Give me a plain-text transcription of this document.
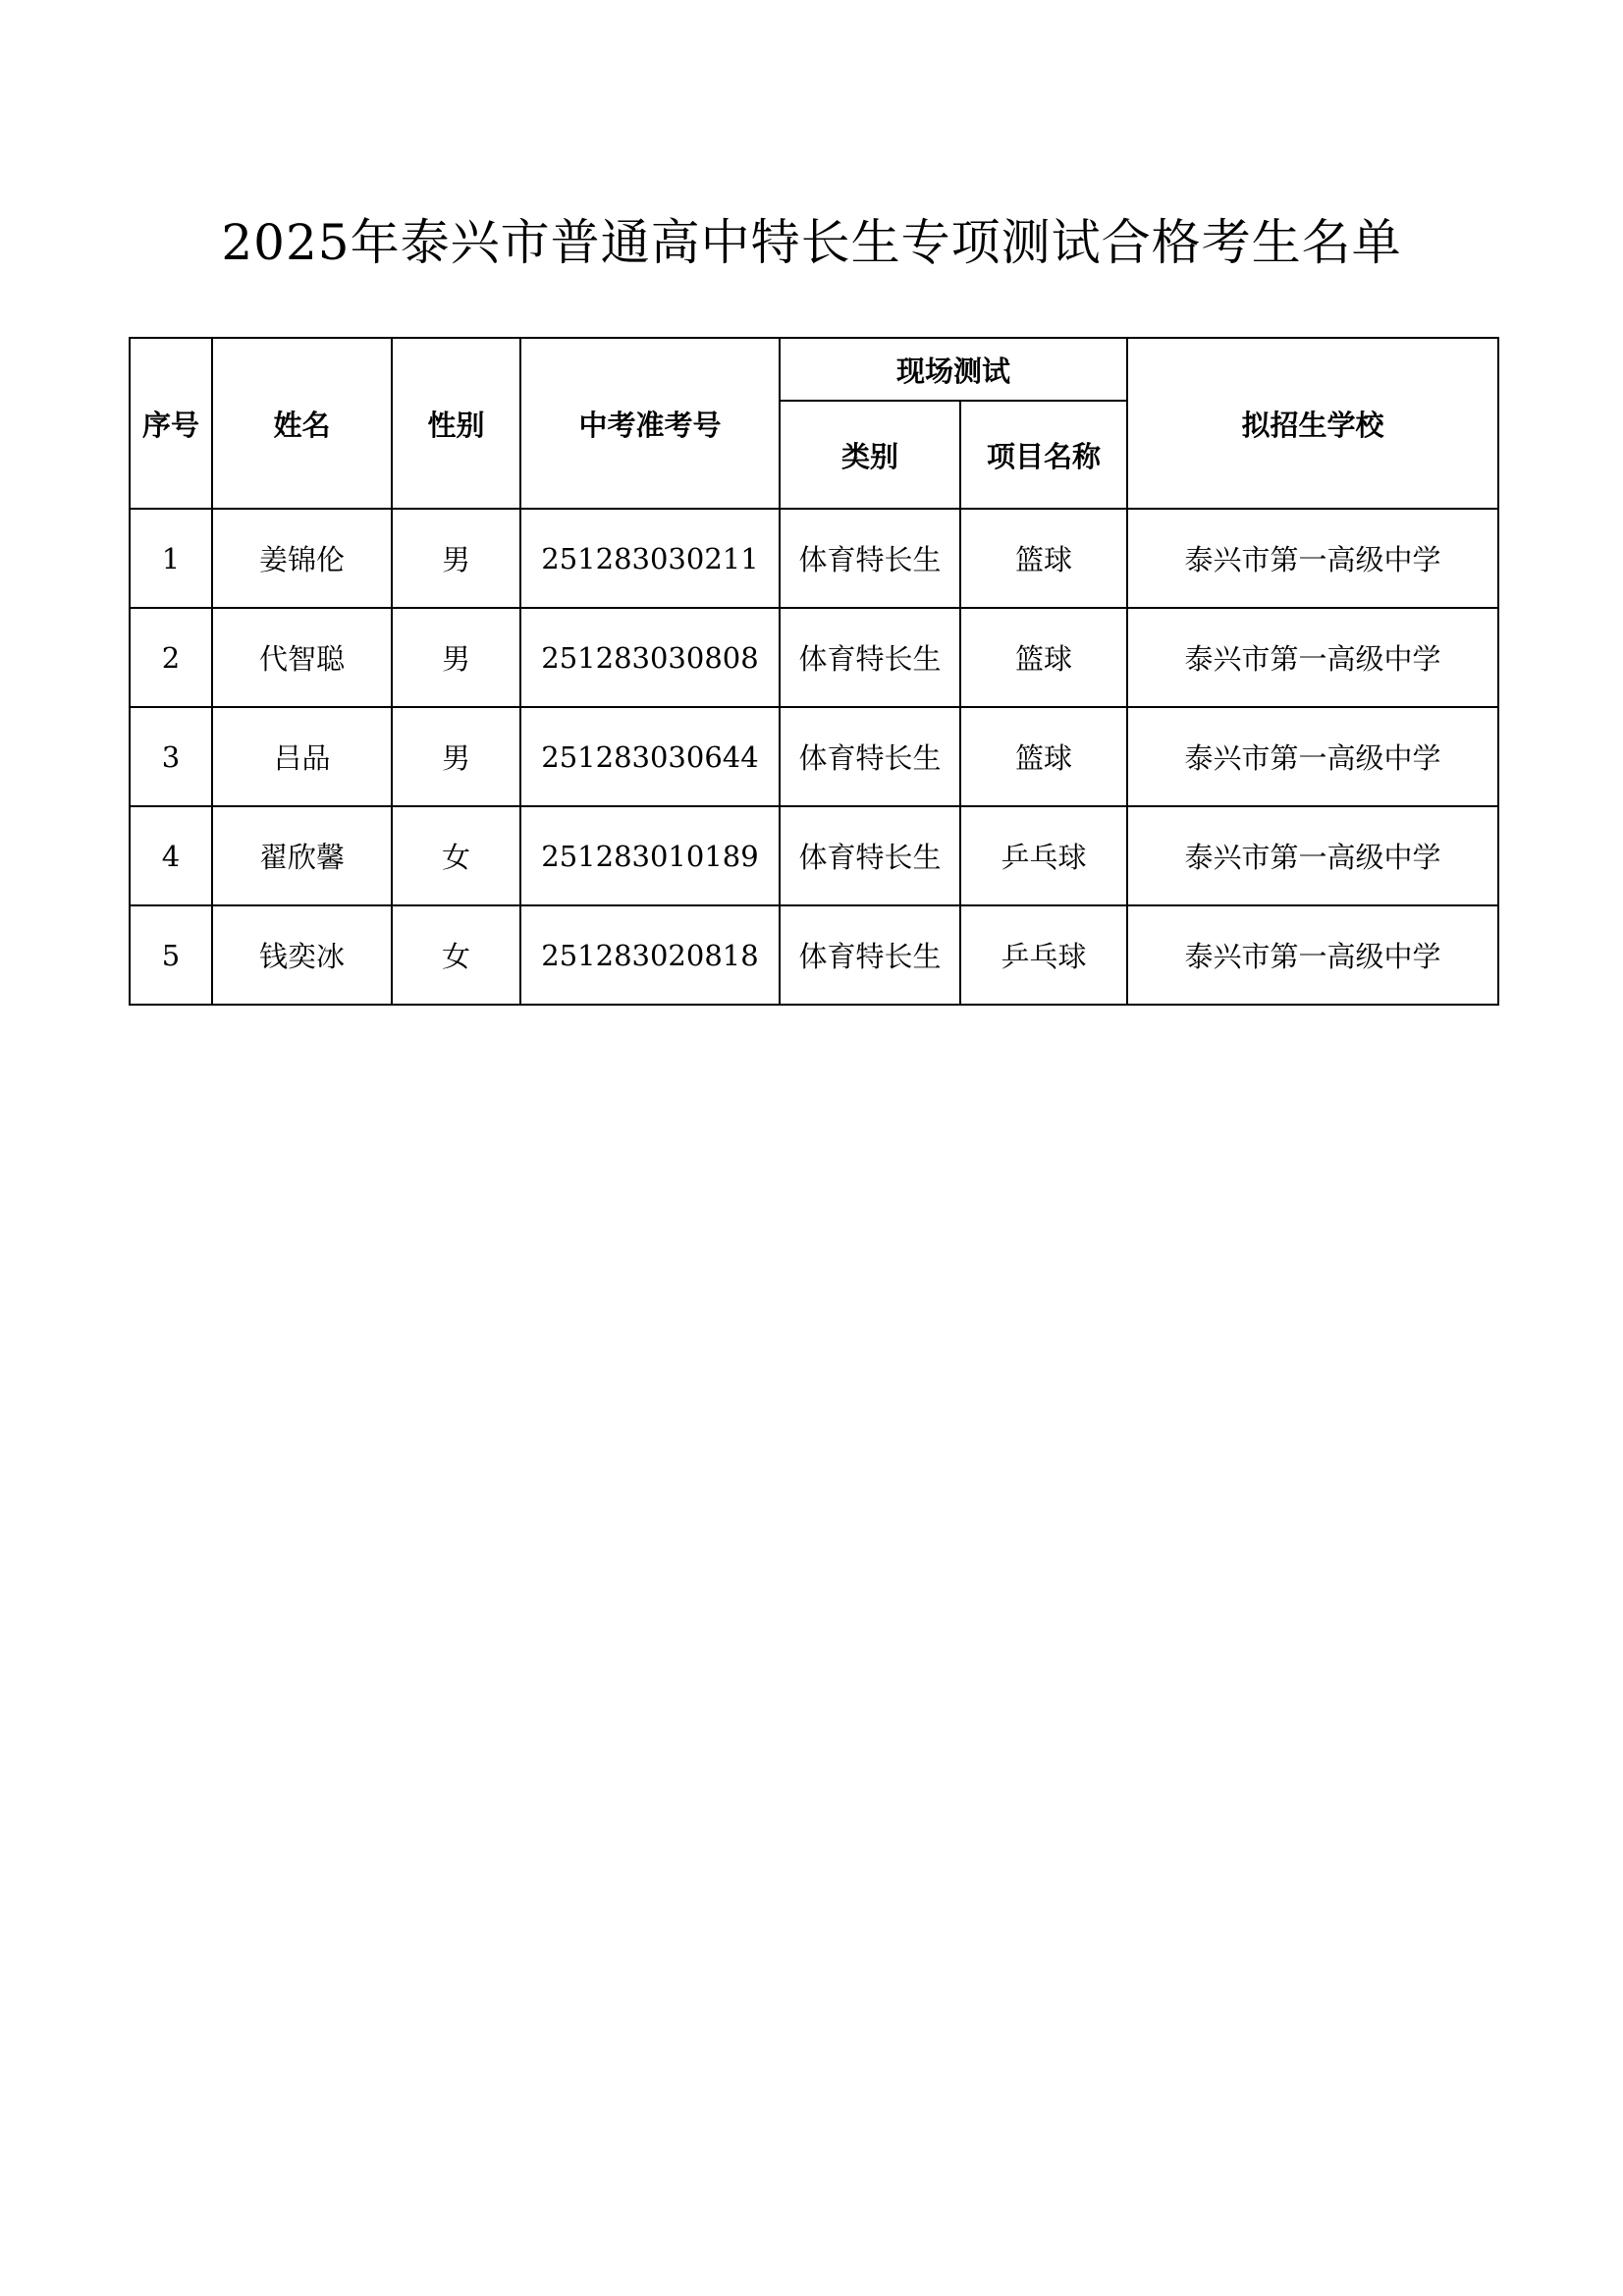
2025年泰兴市普通高中特长生专项测试合格考生名单
序号	姓名	性别	中考准考号	现场测试		拟招生学校
				类别	项目名称	
1	姜锦伦	男	251283030211	体育特长生	篮球	泰兴市第一高级中学
2	代智聪	男	251283030808	体育特长生	篮球	泰兴市第一高级中学
3	吕品	男	251283030644	体育特长生	篮球	泰兴市第一高级中学
4	翟欣馨	女	251283010189	体育特长生	乒乓球	泰兴市第一高级中学
5	钱奕冰	女	251283020818	体育特长生	乒乓球	泰兴市第一高级中学
